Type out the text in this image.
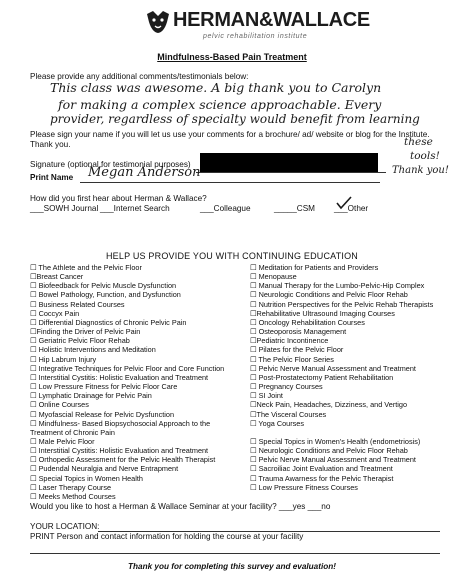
HERMAN&WALLACE
pelvic rehabilitation institute
Mindfulness-Based Pain Treatment
Please provide any additional comments/testimonials below:
This class was awesome. A big thank you to Carolyn
for making a complex science approachable. Every
provider, regardless of specialty would benefit from learning
Please sign your name if you will let us use your comments for a brochure/ ad/ website or blog for the Institute.
Thank you.	these
tools!
Thank you!
Signature (optional for testimonial purposes)
Print Name Megan Anderson
How did you first hear about Herman & Wallace?
___SOWH Journal ___Internet Search	___Colleague	_____CSM ___Other
HELP US PROVIDE YOU WITH CONTINUING EDUCATION
☐ The Athlete and the Pelvic Floor
☐Breast Cancer
☐ Biofeedback for Pelvic Muscle Dysfunction
☐ Bowel Pathology, Function, and Dysfunction
☐ Business Related Courses
☐ Coccyx Pain
☐ Differential Diagnostics of Chronic Pelvic Pain
☐Finding the Driver of Pelvic Pain
☐ Geriatric Pelvic Floor Rehab
☐ Holistic Interventions and Meditation
☐ Hip Labrum Injury
☐ Integrative Techniques for Pelvic Floor and Core Function
☐ Interstitial Cystitis: Holistic Evaluation and Treatment
☐ Low Pressure Fitness for Pelvic Floor Care
☐ Lymphatic Drainage for Pelvic Pain
☐ Online Courses
☐ Myofascial Release for Pelvic Dysfunction
☐ Mindfulness- Based Biopsychosocial Approach to the
Treatment of Chronic Pain
☐ Male Pelvic Floor
☐ Interstitial Cystitis: Holistic Evaluation and Treatment
☐ Orthopedic Assessment for the Pelvic Health Therapist
☐ Pudendal Neuralgia and Nerve Entrapment
☐ Special Topics in Women Health
☐ Laser Therapy Course
☐ Meeks Method Courses
☐ Meditation for Patients and Providers
☐ Menopause
☐ Manual Therapy for the Lumbo-Pelvic-Hip Complex
☐ Neurologic Conditions and Pelvic Floor Rehab
☐ Nutrition Perspectives for the Pelvic Rehab Therapists
☐Rehabilitative Ultrasound Imaging Courses
☐ Oncology Rehabilitation Courses
☐ Osteoporosis Management
☐Pediatric Incontinence
☐ Pilates for the Pelvic Floor
☐ The Pelvic Floor Series
☐ Pelvic Nerve Manual Assessment and Treatment
☐ Post-Prostatectomy Patient Rehabilitation
☐ Pregnancy Courses
☐ SI Joint
☐Neck Pain, Headaches, Dizziness, and Vertigo
☐The Visceral Courses
☐ Yoga Courses

☐ Special Topics in Women's Health (endometriosis)
☐ Neurologic Conditions and Pelvic Floor Rehab
☐ Pelvic Nerve Manual Assessment and Treatment
☐ Sacroiliac Joint Evaluation and Treatment
☐ Trauma Awarness for the Pelvic Therapist
☐ Low Pressure Fitness Courses
Would you like to host a Herman & Wallace Seminar at your facility? ___yes ___no
YOUR LOCATION:
PRINT Person and contact information for holding the course at your facility
Thank you for completing this survey and evaluation!
